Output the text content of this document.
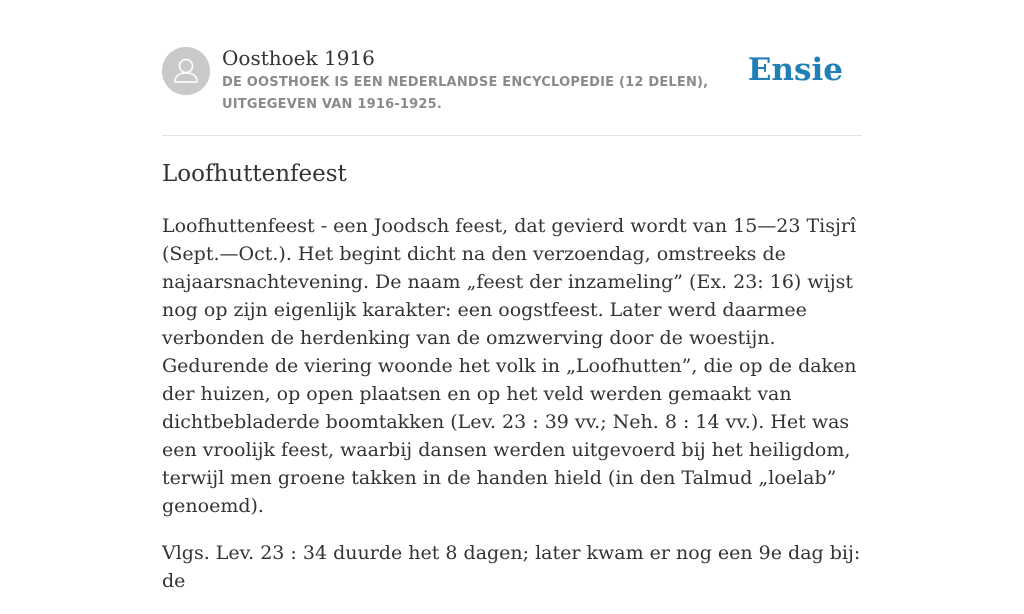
Oosthoek 1916
DE OOSTHOEK IS EEN NEDERLANDSE ENCYCLOPEDIE (12 DELEN), UITGEGEVEN VAN 1916-1925.
Ensie
Loofhuttenfeest

Loofhuttenfeest - een Joodsch feest, dat gevierd wordt van 15—23 Tisjrî (Sept.—Oct.). Het begint dicht na den verzoendag, omstreeks de najaarsnachtevening. De naam „feest der inzameling” (Ex. 23: 16) wijst nog op zijn eigenlijk karakter: een oogstfeest. Later werd daarmee verbonden de herdenking van de omzwerving door de woestijn. Gedurende de viering woonde het volk in „Loofhutten”, die op de daken der huizen, op open plaatsen en op het veld werden gemaakt van dichtbebladerde boomtakken (Lev. 23 : 39 vv.; Neh. 8 : 14 vv.). Het was een vroolijk feest, waarbij dansen werden uitgevoerd bij het heiligdom, terwijl men groene takken in de handen hield (in den Talmud „loelab” genoemd).

Vlgs. Lev. 23 : 34 duurde het 8 dagen; later kwam er nog een 9e dag bij: de
